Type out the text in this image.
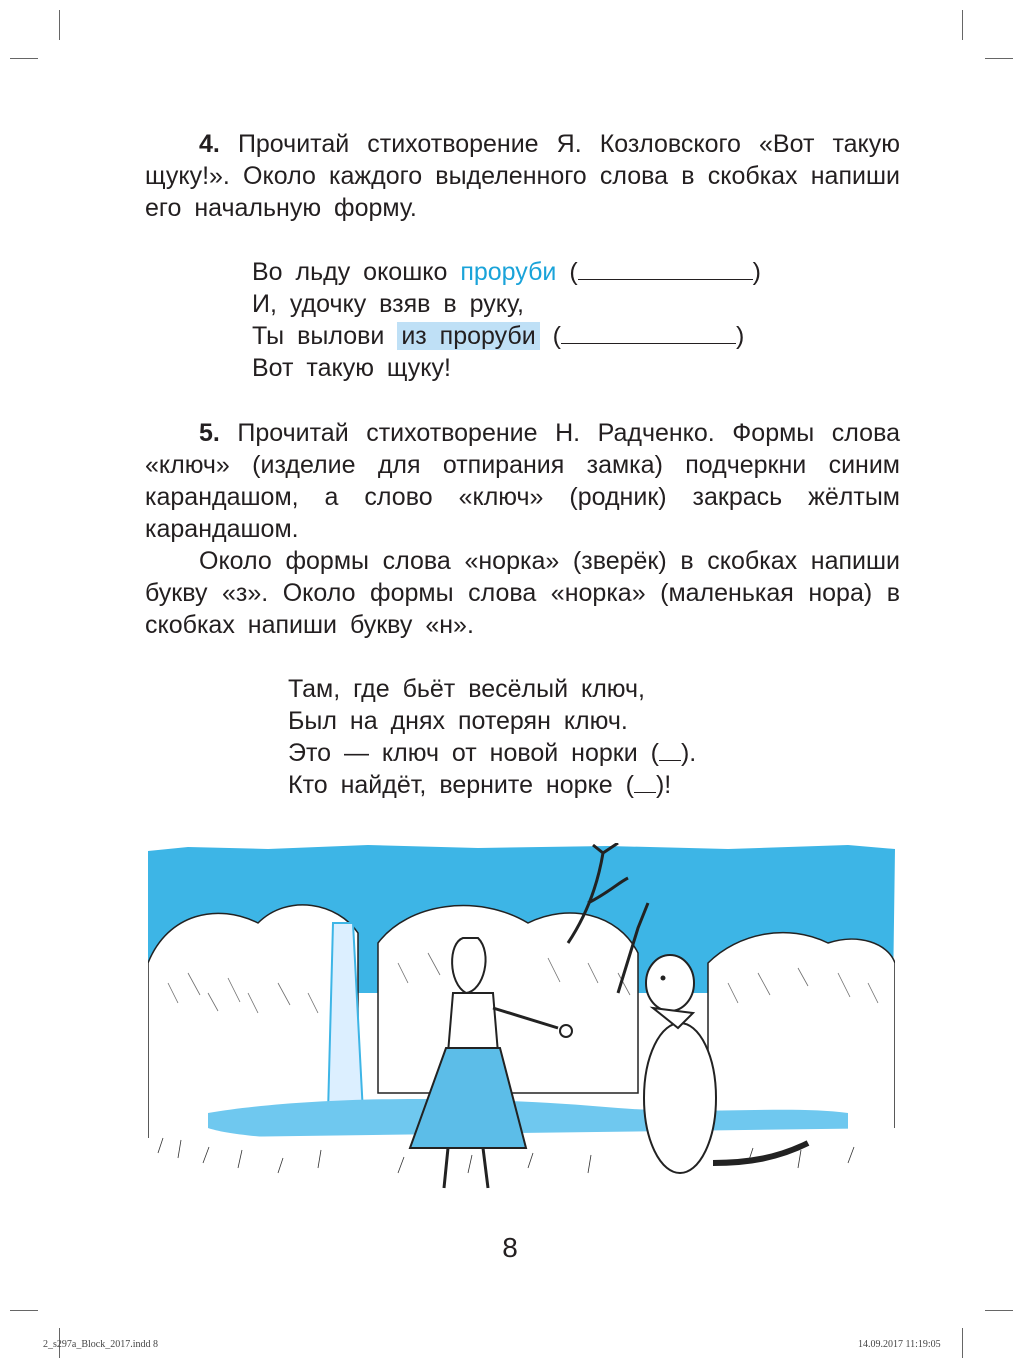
4. Прочитай стихотворение Я. Козловского «Вот такую щуку!». Около каждого выделенного слова в скобках напиши его начальную форму.

Во льду окошко проруби (	)
И, удочку взяв в руку,
Ты вылови из проруби (	)
Вот такую щуку!

5. Прочитай стихотворение Н. Радченко. Формы слова «ключ» (изделие для отпирания замка) подчеркни синим карандашом, а слово «ключ» (родник) закрась жёлтым карандашом.

Около формы слова «норка» (зверёк) в скобках напиши букву «з». Около формы слова «норка» (маленькая нора) в скобках напиши букву «н».

Там, где бьёт весёлый ключ,
Был на днях потерян ключ.
Это — ключ от новой норки ( ).
Кто найдёт, верните норке ( )!
8
2_s297a_Block_2017.indd 8	14.09.2017 11:19:05
